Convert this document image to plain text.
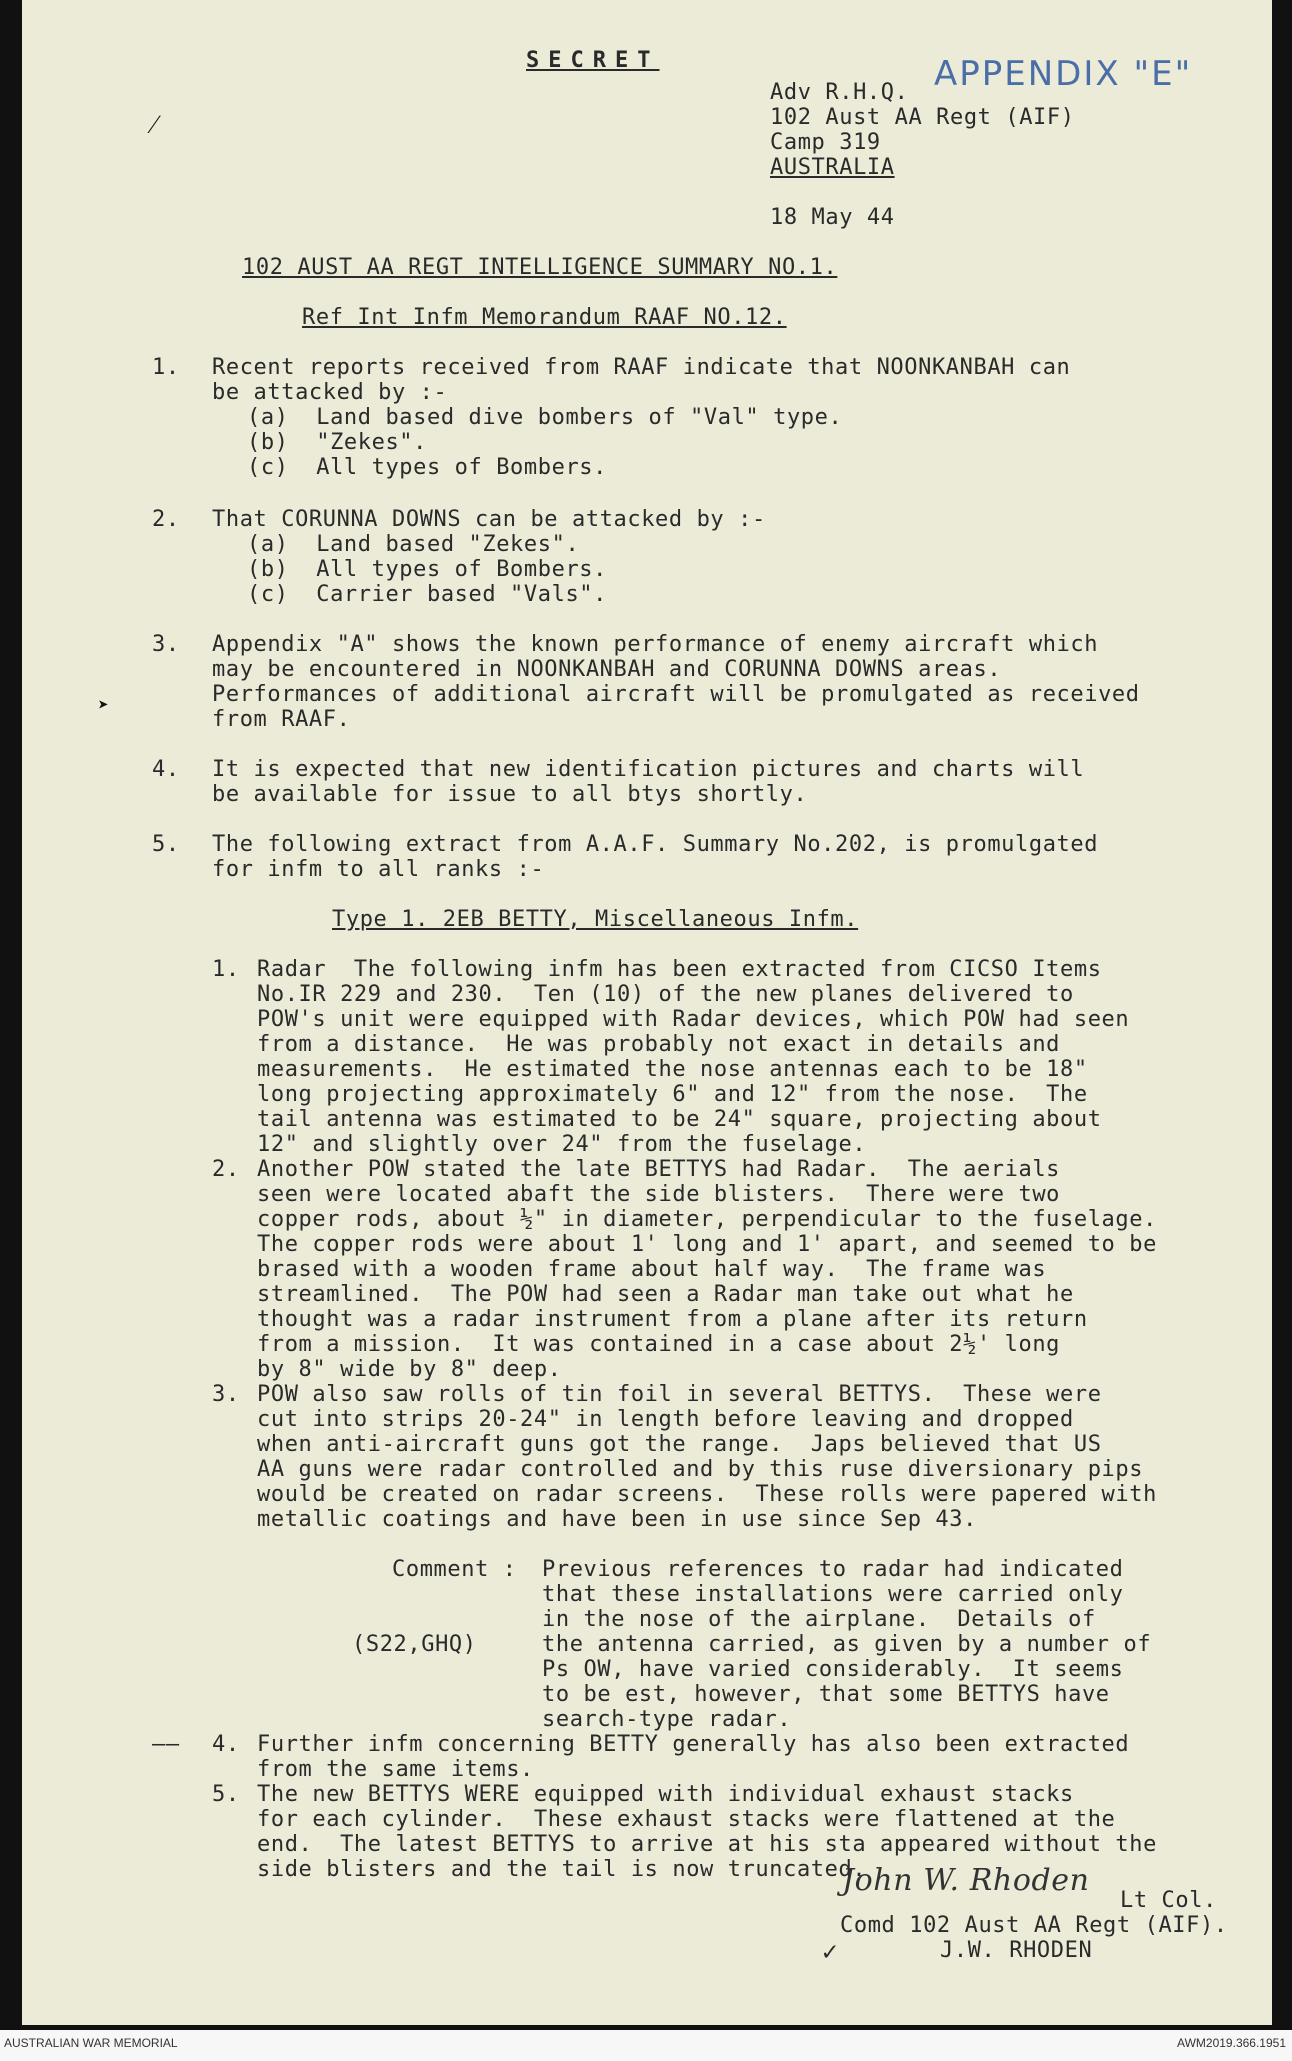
⁄
➤
SECRET	APPENDIX "E"
Adv R.H.Q.
102 Aust AA Regt (AIF)
Camp 319
AUSTRALIA
18 May 44
102 AUST AA REGT INTELLIGENCE SUMMARY NO.1.
Ref Int Infm Memorandum RAAF NO.12.
1. Recent reports received from RAAF indicate that NOONKANBAH can
be attacked by :-
(a)  Land based dive bombers of "Val" type.
(b)  "Zekes".
(c)  All types of Bombers.
2. That CORUNNA DOWNS can be attacked by :-
(a)  Land based "Zekes".
(b)  All types of Bombers.
(c)  Carrier based "Vals".
3. Appendix "A" shows the known performance of enemy aircraft which
may be encountered in NOONKANBAH and CORUNNA DOWNS areas.
Performances of additional aircraft will be promulgated as received
from RAAF.
4. It is expected that new identification pictures and charts will
be available for issue to all btys shortly.
5. The following extract from A.A.F. Summary No.202, is promulgated
for infm to all ranks :-
Type 1. 2EB BETTY, Miscellaneous Infm.
1. Radar  The following infm has been extracted from CICSO Items
No.IR 229 and 230.  Ten (10) of the new planes delivered to
POW's unit were equipped with Radar devices, which POW had seen
from a distance.  He was probably not exact in details and
measurements.  He estimated the nose antennas each to be 18"
long projecting approximately 6" and 12" from the nose.  The
tail antenna was estimated to be 24" square, projecting about
12" and slightly over 24" from the fuselage.
2. Another POW stated the late BETTYS had Radar.  The aerials
seen were located abaft the side blisters.  There were two
copper rods, about ½" in diameter, perpendicular to the fuselage.
The copper rods were about 1' long and 1' apart, and seemed to be
brased with a wooden frame about half way.  The frame was
streamlined.  The POW had seen a Radar man take out what he
thought was a radar instrument from a plane after its return
from a mission.  It was contained in a case about 2½' long
by 8" wide by 8" deep.
3. POW also saw rolls of tin foil in several BETTYS.  These were
cut into strips 20-24" in length before leaving and dropped
when anti-aircraft guns got the range.  Japs believed that US
AA guns were radar controlled and by this ruse diversionary pips
would be created on radar screens.  These rolls were papered with
metallic coatings and have been in use since Sep 43.
Comment :
(S22,GHQ)
Previous references to radar had indicated
that these installations were carried only
in the nose of the airplane.  Details of
the antenna carried, as given by a number of
Ps OW, have varied considerably.  It seems
to be est, however, that some BETTYS have
search-type radar.
—— 4. Further infm concerning BETTY generally has also been extracted
from the same items.
5. The new BETTYS WERE equipped with individual exhaust stacks
for each cylinder.  These exhaust stacks were flattened at the
end.  The latest BETTYS to arrive at his sta appeared without the
side blisters and the tail is now truncated.
John W. Rhoden
Lt Col.
Comd 102 Aust AA Regt (AIF).
✓	J.W. RHODEN
AUSTRALIAN WAR MEMORIAL	AWM2019.366.1951
